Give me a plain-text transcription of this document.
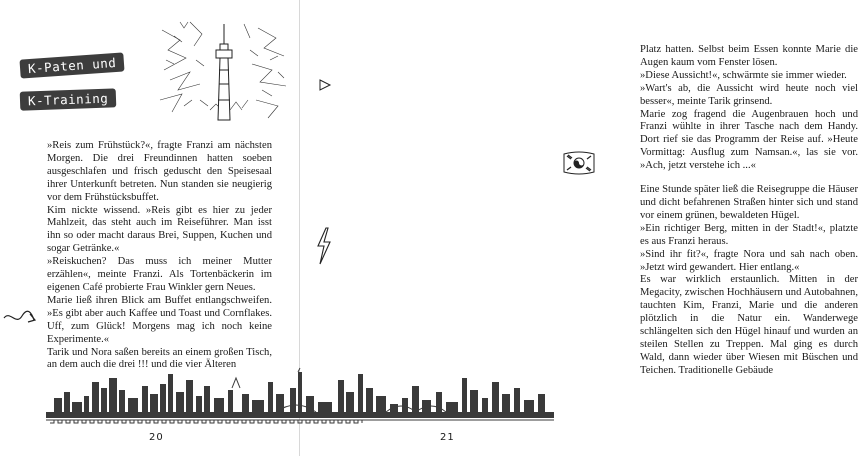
K-Paten und
K-Training

»Reis zum Frühstück?«, fragte Franzi am nächsten Morgen. Die drei Freundinnen hatten soeben ausgeschlafen und frisch geduscht den Speisesaal ihrer Unterkunft betreten. Nun standen sie neugierig vor dem Frühstücksbuffet.

Kim nickte wissend. »Reis gibt es hier zu jeder Mahlzeit, das steht auch im Reiseführer. Man isst ihn so oder macht daraus Brei, Suppen, Kuchen und sogar Getränke.«

»Reiskuchen? Das muss ich meiner Mutter erzählen«, meinte Franzi. Als Tortenbäckerin im eigenen Café probierte Frau Winkler gern Neues.

Marie ließ ihren Blick am Buffet entlangschweifen. »Es gibt aber auch Kaffee und Toast und Cornflakes. Uff, zum Glück! Morgens mag ich noch keine Experimente.«

Tarik und Nora saßen bereits an einem großen Tisch, an dem auch die drei !!! und die vier Älteren

20

Platz hatten. Selbst beim Essen konnte Marie die Augen kaum vom Fenster lösen.

»Diese Aussicht!«, schwärmte sie immer wieder.

»Wart's ab, die Aussicht wird heute noch viel besser«, meinte Tarik grinsend.

Marie zog fragend die Augenbrauen hoch und Franzi wühlte in ihrer Tasche nach dem Handy. Dort rief sie das Programm der Reise auf. »Heute Vormittag: Ausflug zum Namsan.«, las sie vor. »Ach, jetzt verstehe ich ...«

Eine Stunde später ließ die Reisegruppe die Häuser und dicht befahrenen Straßen hinter sich und stand vor einem grünen, bewaldeten Hügel.

»Ein richtiger Berg, mitten in der Stadt!«, platzte es aus Franzi heraus.

»Sind ihr fit?«, fragte Nora und sah nach oben. »Jetzt wird gewandert. Hier entlang.«

Es war wirklich erstaunlich. Mitten in der Megacity, zwischen Hochhäusern und Autobahnen, tauchten Kim, Franzi, Marie und die anderen plötzlich in die Natur ein. Wanderwege schlängelten sich den Hügel hinauf und wurden an steilen Stellen zu Treppen. Mal ging es durch Wald, dann wieder über Wiesen mit Büschen und Teichen. Traditionelle Gebäude

21
